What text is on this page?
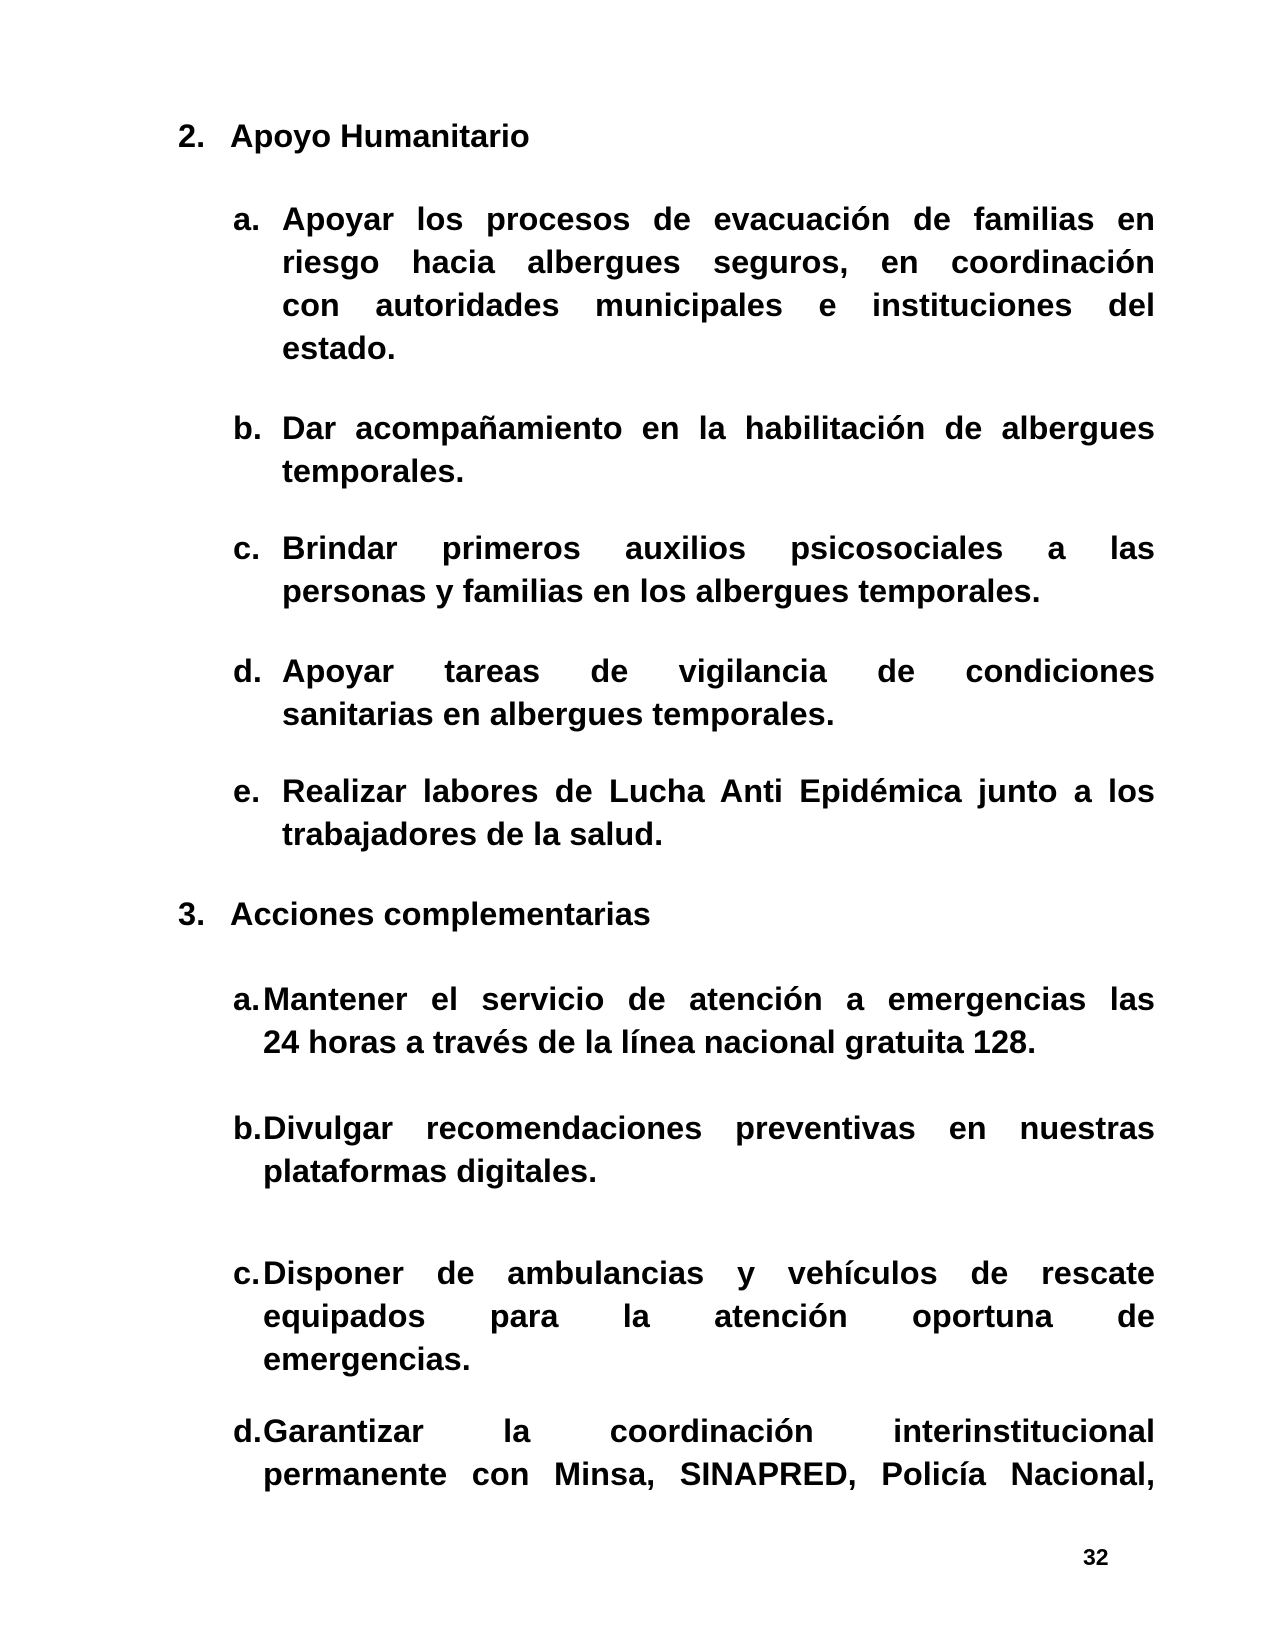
2. Apoyo Humanitario
a. Apoyar los procesos de evacuación de familias en
riesgo hacia albergues seguros, en coordinación
con autoridades municipales e instituciones del
estado.
b. Dar acompañamiento en la habilitación de albergues
temporales.
c. Brindar primeros auxilios psicosociales a las
personas y familias en los albergues temporales.
d. Apoyar tareas de vigilancia de condiciones
sanitarias en albergues temporales.
e. Realizar labores de Lucha Anti Epidémica junto a los
trabajadores de la salud.
3. Acciones complementarias
a. Mantener el servicio de atención a emergencias las
24 horas a través de la línea nacional gratuita 128.
b. Divulgar recomendaciones preventivas en nuestras
plataformas digitales.
c. Disponer de ambulancias y vehículos de rescate
equipados para la atención oportuna de
emergencias.
d. Garantizar la coordinación interinstitucional
permanente con Minsa, SINAPRED, Policía Nacional,
32
